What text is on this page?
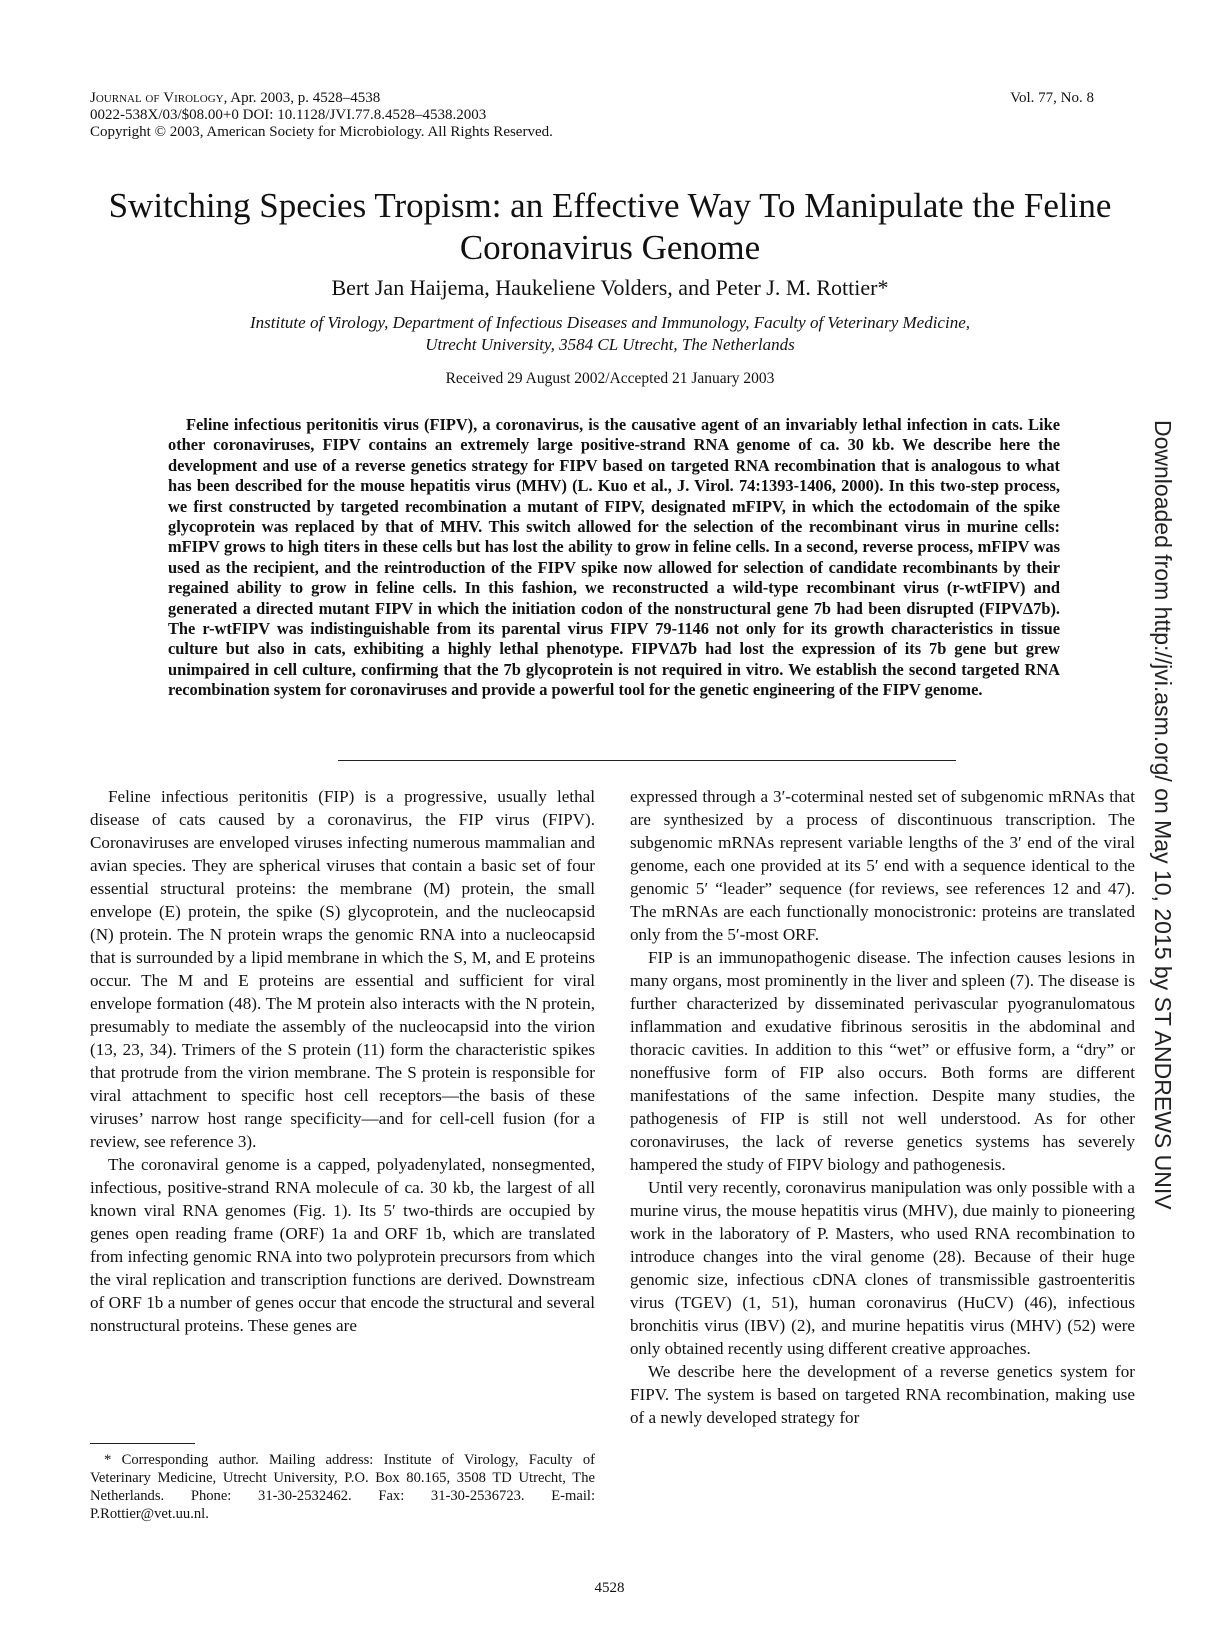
Journal of Virology, Apr. 2003, p. 4528–4538
0022-538X/03/$08.00+0 DOI: 10.1128/JVI.77.8.4528–4538.2003
Copyright © 2003, American Society for Microbiology. All Rights Reserved.
Vol. 77, No. 8
Switching Species Tropism: an Effective Way To Manipulate the Feline
Coronavirus Genome
Bert Jan Haijema, Haukeliene Volders, and Peter J. M. Rottier*
Institute of Virology, Department of Infectious Diseases and Immunology, Faculty of Veterinary Medicine,
Utrecht University, 3584 CL Utrecht, The Netherlands
Received 29 August 2002/Accepted 21 January 2003

Feline infectious peritonitis virus (FIPV), a coronavirus, is the causative agent of an invariably lethal infection in cats. Like other coronaviruses, FIPV contains an extremely large positive-strand RNA genome of ca. 30 kb. We describe here the development and use of a reverse genetics strategy for FIPV based on targeted RNA recombination that is analogous to what has been described for the mouse hepatitis virus (MHV) (L. Kuo et al., J. Virol. 74:1393-1406, 2000). In this two-step process, we first constructed by targeted recombination a mutant of FIPV, designated mFIPV, in which the ectodomain of the spike glycoprotein was replaced by that of MHV. This switch allowed for the selection of the recombinant virus in murine cells: mFIPV grows to high titers in these cells but has lost the ability to grow in feline cells. In a second, reverse process, mFIPV was used as the recipient, and the reintroduction of the FIPV spike now allowed for selection of candidate recombinants by their regained ability to grow in feline cells. In this fashion, we reconstructed a wild-type recombinant virus (r-wtFIPV) and generated a directed mutant FIPV in which the initiation codon of the nonstructural gene 7b had been disrupted (FIPVΔ7b). The r-wtFIPV was indistinguishable from its parental virus FIPV 79-1146 not only for its growth characteristics in tissue culture but also in cats, exhibiting a highly lethal phenotype. FIPVΔ7b had lost the expression of its 7b gene but grew unimpaired in cell culture, confirming that the 7b glycoprotein is not required in vitro. We establish the second targeted RNA recombination system for coronaviruses and provide a powerful tool for the genetic engineering of the FIPV genome.

Feline infectious peritonitis (FIP) is a progressive, usually lethal disease of cats caused by a coronavirus, the FIP virus (FIPV). Coronaviruses are enveloped viruses infecting numerous mammalian and avian species. They are spherical viruses that contain a basic set of four essential structural proteins: the membrane (M) protein, the small envelope (E) protein, the spike (S) glycoprotein, and the nucleocapsid (N) protein. The N protein wraps the genomic RNA into a nucleocapsid that is surrounded by a lipid membrane in which the S, M, and E proteins occur. The M and E proteins are essential and sufficient for viral envelope formation (48). The M protein also interacts with the N protein, presumably to mediate the assembly of the nucleocapsid into the virion (13, 23, 34). Trimers of the S protein (11) form the characteristic spikes that protrude from the virion membrane. The S protein is responsible for viral attachment to specific host cell receptors—the basis of these viruses’ narrow host range specificity—and for cell-cell fusion (for a review, see reference 3).

The coronaviral genome is a capped, polyadenylated, nonsegmented, infectious, positive-strand RNA molecule of ca. 30 kb, the largest of all known viral RNA genomes (Fig. 1). Its 5′ two-thirds are occupied by genes open reading frame (ORF) 1a and ORF 1b, which are translated from infecting genomic RNA into two polyprotein precursors from which the viral replication and transcription functions are derived. Downstream of ORF 1b a number of genes occur that encode the structural and several nonstructural proteins. These genes are

expressed through a 3′-coterminal nested set of subgenomic mRNAs that are synthesized by a process of discontinuous transcription. The subgenomic mRNAs represent variable lengths of the 3′ end of the viral genome, each one provided at its 5′ end with a sequence identical to the genomic 5′ “leader” sequence (for reviews, see references 12 and 47). The mRNAs are each functionally monocistronic: proteins are translated only from the 5′-most ORF.

FIP is an immunopathogenic disease. The infection causes lesions in many organs, most prominently in the liver and spleen (7). The disease is further characterized by disseminated perivascular pyogranulomatous inflammation and exudative fibrinous serositis in the abdominal and thoracic cavities. In addition to this “wet” or effusive form, a “dry” or noneffusive form of FIP also occurs. Both forms are different manifestations of the same infection. Despite many studies, the pathogenesis of FIP is still not well understood. As for other coronaviruses, the lack of reverse genetics systems has severely hampered the study of FIPV biology and pathogenesis.

Until very recently, coronavirus manipulation was only possible with a murine virus, the mouse hepatitis virus (MHV), due mainly to pioneering work in the laboratory of P. Masters, who used RNA recombination to introduce changes into the viral genome (28). Because of their huge genomic size, infectious cDNA clones of transmissible gastroenteritis virus (TGEV) (1, 51), human coronavirus (HuCV) (46), infectious bronchitis virus (IBV) (2), and murine hepatitis virus (MHV) (52) were only obtained recently using different creative approaches.

We describe here the development of a reverse genetics system for FIPV. The system is based on targeted RNA recombination, making use of a newly developed strategy for

* Corresponding author. Mailing address: Institute of Virology, Faculty of Veterinary Medicine, Utrecht University, P.O. Box 80.165, 3508 TD Utrecht, The Netherlands. Phone: 31-30-2532462. Fax: 31-30-2536723. E-mail: P.Rottier@vet.uu.nl.

4528
Downloaded from http://jvi.asm.org/ on May 10, 2015 by ST ANDREWS UNIV
